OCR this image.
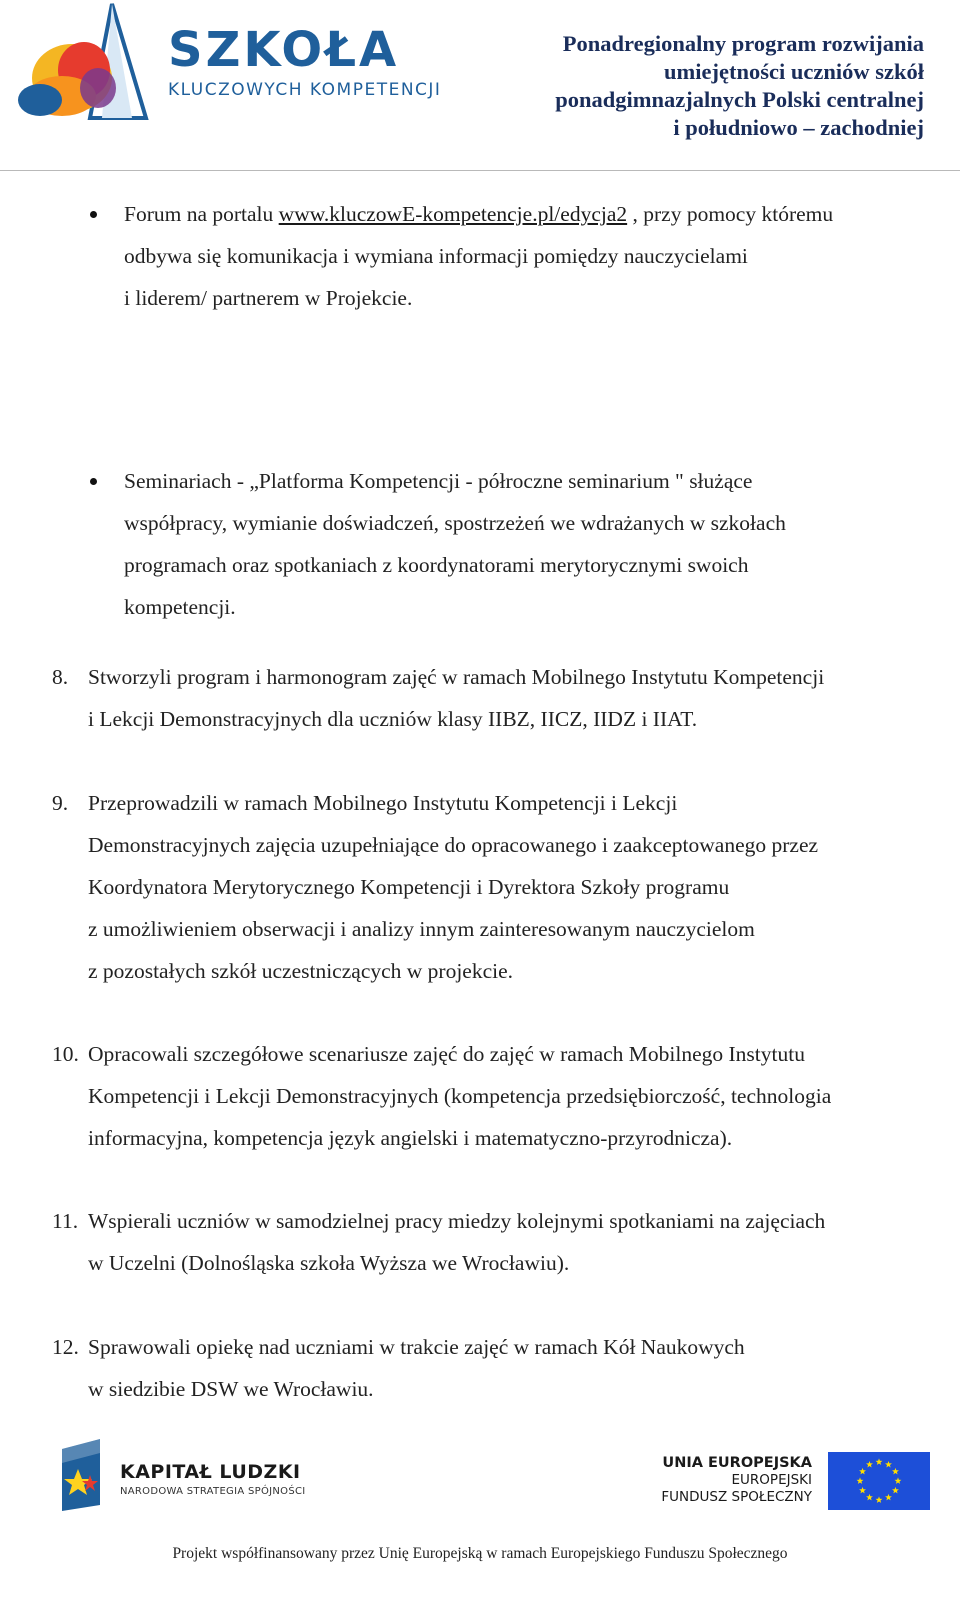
SZKOŁA
KLUCZOWYCH KOMPETENCJI
Ponadregionalny program rozwijania
umiejętności uczniów szkół
ponadgimnazjalnych Polski centralnej
i południowo – zachodniej
Forum na portalu www.kluczowE-kompetencje.pl/edycja2 , przy pomocy któremu
odbywa się komunikacja i wymiana informacji pomiędzy nauczycielami
i liderem/ partnerem w Projekcie.
Seminariach - „Platforma Kompetencji - półroczne seminarium " służące
współpracy, wymianie doświadczeń, spostrzeżeń we wdrażanych w szkołach
programach oraz spotkaniach z koordynatorami merytorycznymi swoich
kompetencji.
8. Stworzyli program i harmonogram zajęć w ramach Mobilnego Instytutu Kompetencji
i Lekcji Demonstracyjnych dla uczniów klasy IIBZ, IICZ, IIDZ i IIAT.
9. Przeprowadzili w ramach Mobilnego Instytutu Kompetencji i Lekcji
Demonstracyjnych zajęcia uzupełniające do opracowanego i zaakceptowanego przez
Koordynatora Merytorycznego Kompetencji i Dyrektora Szkoły programu
z umożliwieniem obserwacji i analizy innym zainteresowanym nauczycielom
z pozostałych szkół uczestniczących w projekcie.
10. Opracowali szczegółowe scenariusze zajęć do zajęć w ramach Mobilnego Instytutu
Kompetencji i Lekcji Demonstracyjnych (kompetencja przedsiębiorczość, technologia
informacyjna, kompetencja język angielski i matematyczno-przyrodnicza).
11. Wspierali uczniów w samodzielnej pracy miedzy kolejnymi spotkaniami na zajęciach
w Uczelni (Dolnośląska szkoła Wyższa we Wrocławiu).
12. Sprawowali opiekę nad uczniami w trakcie zajęć w ramach Kół Naukowych
w siedzibie DSW we Wrocławiu.
KAPITAŁ LUDZKI
NARODOWA STRATEGIA SPÓJNOŚCI
UNIA EUROPEJSKA
EUROPEJSKI
FUNDUSZ SPOŁECZNY
Projekt współfinansowany przez Unię Europejską w ramach Europejskiego Funduszu Społecznego
